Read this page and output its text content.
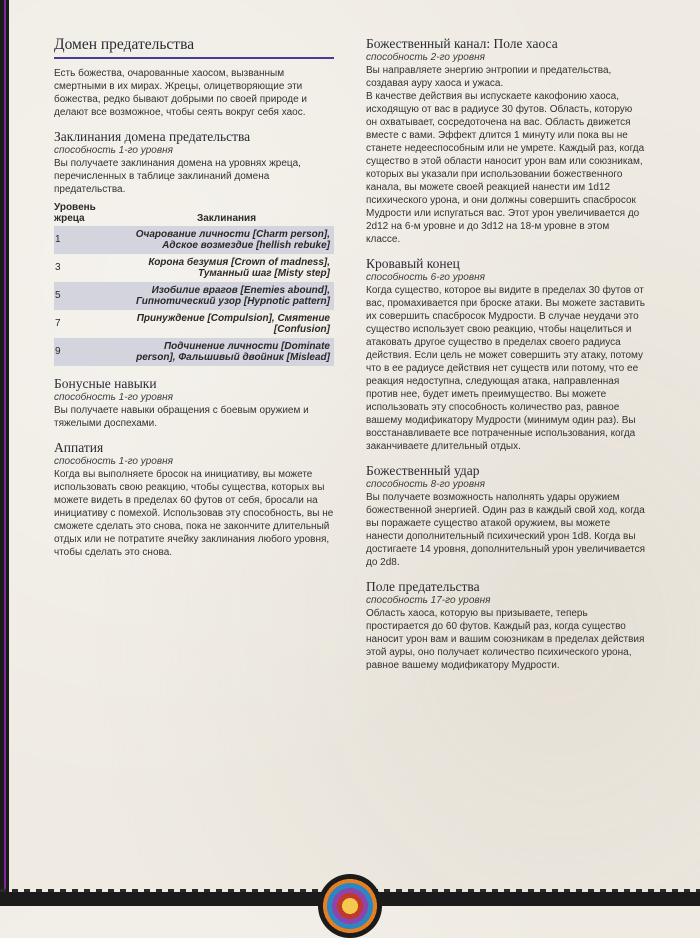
Домен предательства

Есть божества, очарованные хаосом, вызванным смертными в их мирах. Жрецы, олицетворяющие эти божества, редко бывают добрыми по своей природе и делают все возможное, чтобы сеять вокруг себя хаос.

Заклинания домена предательства
способность 1-го уровня

Вы получаете заклинания домена на уровнях жреца, перечисленных в таблице заклинаний домена предательства.

Уровень жреца	Заклинания
1	Очарование личности [Charm person], Адское возмездие [hellish rebuke]
3	Корона безумия [Crown of madness], Туманный шаг [Misty step]
5	Изобилие врагов [Enemies abound], Гипнотический узор [Hypnotic pattern]
7	Принуждение [Compulsion], Смятение [Confusion]
9	Подчинение личности [Dominate person], Фальшивый двойник [Mislead]
Бонусные навыки
способность 1-го уровня

Вы получаете навыки обращения с боевым оружием и тяжелыми доспехами.

Аппатия
способность 1-го уровня

Когда вы выполняете бросок на инициативу, вы можете использовать свою реакцию, чтобы существа, которых вы можете видеть в пределах 60 футов от себя, бросали на инициативу с помехой. Использовав эту способность, вы не сможете сделать это снова, пока не закончите длительный отдых или не потратите ячейку заклинания любого уровня, чтобы сделать это снова.

Божественный канал: Поле хаоса
способность 2-го уровня

Вы направляете энергию энтропии и предательства, создавая ауру хаоса и ужаса.

В качестве действия вы испускаете какофонию хаоса, исходящую от вас в радиусе 30 футов. Область, которую он охватывает, сосредоточена на вас. Область движется вместе с вами. Эффект длится 1 минуту или пока вы не станете недееспособным или не умрете. Каждый раз, когда существо в этой области наносит урон вам или союзникам, которых вы указали при использовании божественного канала, вы можете своей реакцией нанести им 1d12 психического урона, и они должны совершить спасбросок Мудрости или испугаться вас. Этот урон увеличивается до 2d12 на 6-м уровне и до 3d12 на 18-м уровне в этом классе.

Кровавый конец
способность 6-го уровня

Когда существо, которое вы видите в пределах 30 футов от вас, промахивается при броске атаки. Вы можете заставить их совершить спасбросок Мудрости. В случае неудачи это существо использует свою реакцию, чтобы нацелиться и атаковать другое существо в пределах своего радиуса действия. Если цель не может совершить эту атаку, потому что в ее радиусе действия нет существ или потому, что ее реакция недоступна, следующая атака, направленная против нее, будет иметь преимущество. Вы можете использовать эту способность количество раз, равное вашему модификатору Мудрости (минимум один раз). Вы восстанавливаете все потраченные использования, когда заканчиваете длительный отдых.

Божественный удар
способность 8-го уровня

Вы получаете возможность наполнять удары оружием божественной энергией. Один раз в каждый свой ход, когда вы поражаете существо атакой оружием, вы можете нанести дополнительный психический урон 1d8. Когда вы достигаете 14 уровня, дополнительный урон увеличивается до 2d8.

Поле предательства
способность 17-го уровня

Область хаоса, которую вы призываете, теперь простирается до 60 футов. Каждый раз, когда существо наносит урон вам и вашим союзникам в пределах действия этой ауры, оно получает количество психического урона, равное вашему модификатору Мудрости.
